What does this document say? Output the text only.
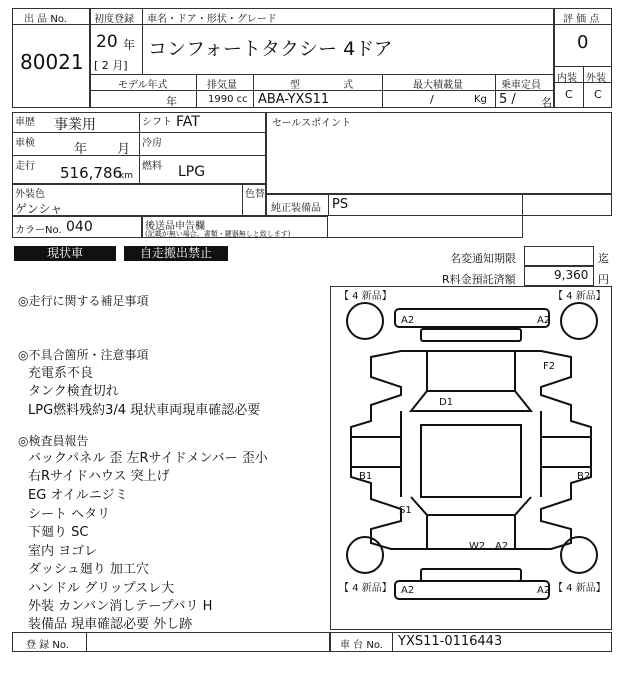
出 品 No.
80021
初度登録 車名・ドア・形状・グレード
20 年
[ 2 月]
コンフォートタクシー 4ドア
モデル年式	排気量	型 式	最大積載量	乗車定員
年	1990 cc ABA-YXS11	/	Kg 5 / 名
評 価 点
0
内装 外装
C C
車歴 事業用	シフト FAT
車検	年 月 冷房
走行 516,786
km
燃料 LPG
セールスポイント
外装色
ゲンシャ
色替
純正装備品 PS
カラーNo. 040	後送品申告欄
(記載が無い場合、書類・鍵器無しと致します)
現状車	自走搬出禁止	名変通知期限	迄
R料金預託済額	9,360 円
◎走行に関する補足事項
◎不具合箇所・注意事項
充電系不良
タンク検査切れ
LPG燃料残約3/4 現状車両現車確認必要
◎検査員報告
バックパネル 歪 左Rサイドメンバー 歪小
右Rサイドハウス 突上げ
EG オイルニジミ
シート ヘタリ
下廻り SC
室内 ヨゴレ
ダッシュ廻り 加工穴
ハンドル グリップスレ大
外装 カンバン消しテープバリ H
装備品 現車確認必要 外し跡
【 4 新品】	【 4 新品】
【 4 新品】	【 4 新品】
A2	A2
F2
D1
B1	B2
S1
W2 A2
A2	A2
登 録 No.	車 台 No. YXS11-0116443
